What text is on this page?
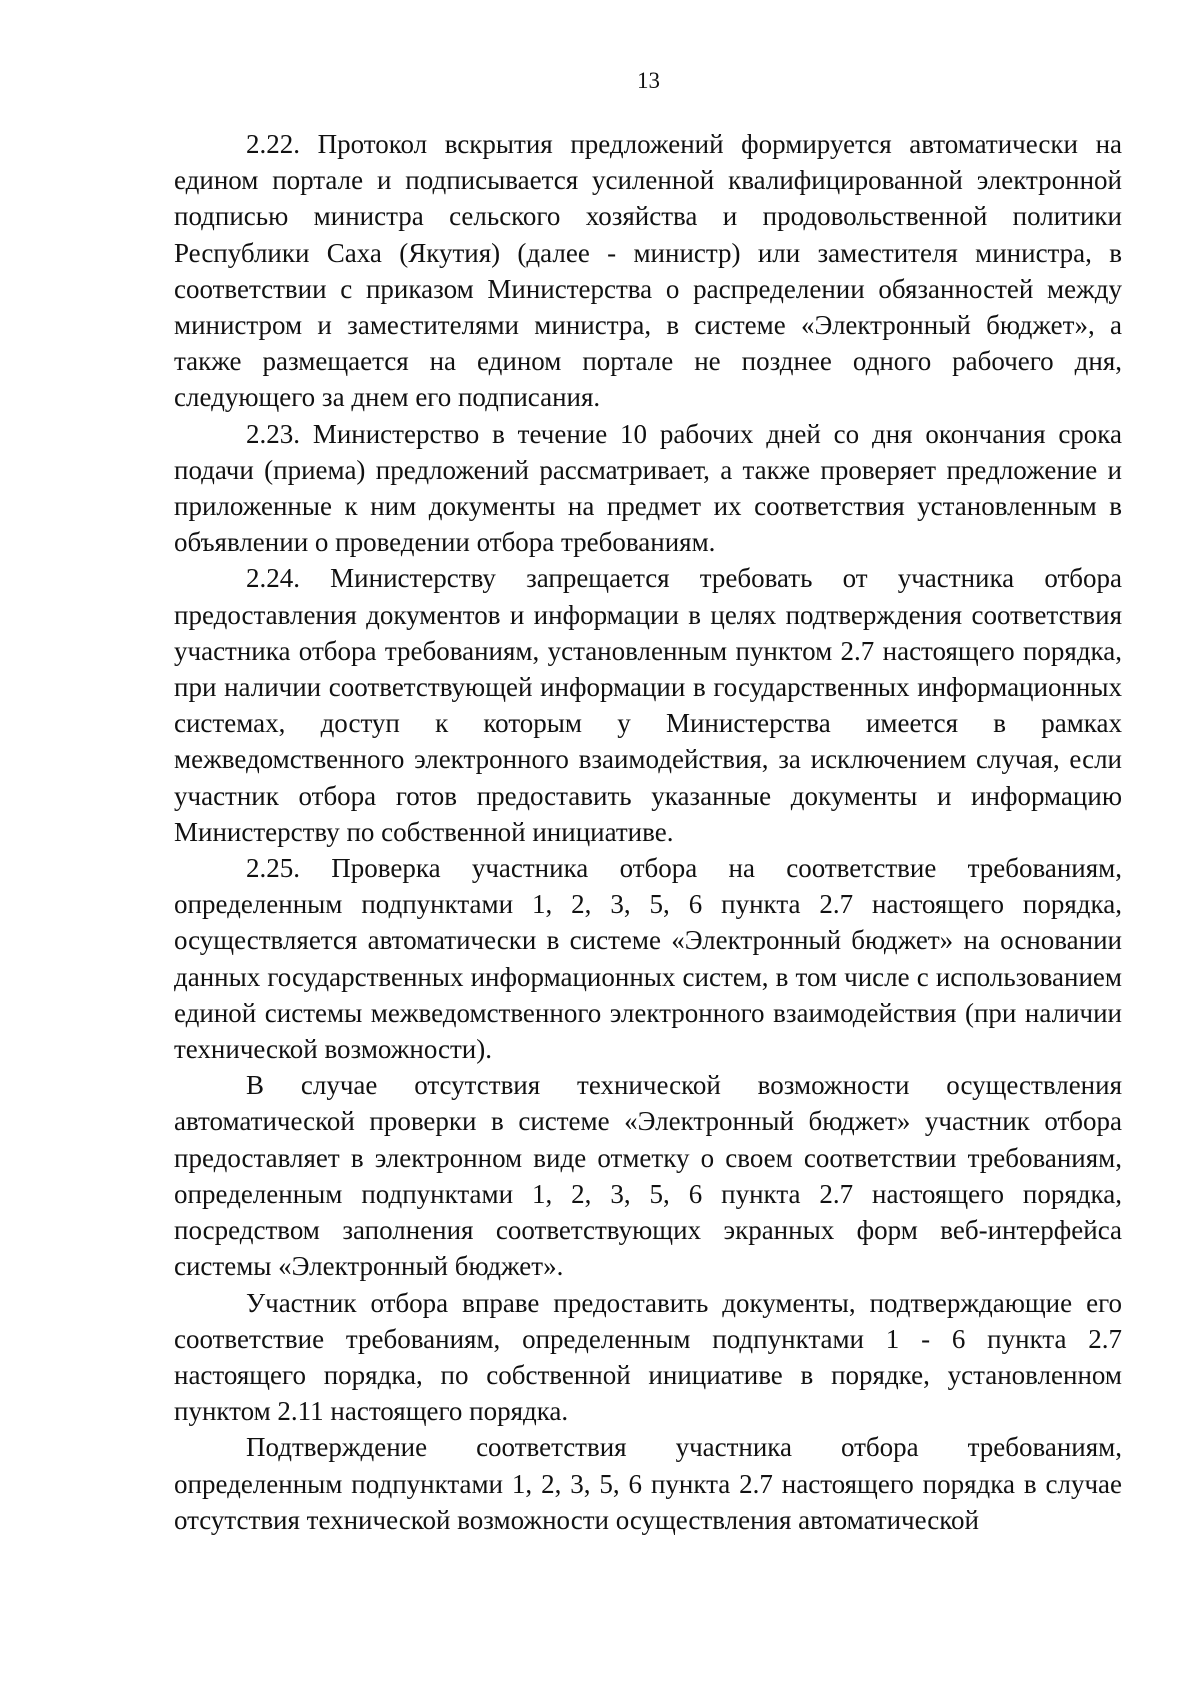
13

2.22. Протокол вскрытия предложений формируется автоматически на едином портале и подписывается усиленной квалифицированной электронной подписью министра сельского хозяйства и продовольственной политики Республики Саха (Якутия) (далее - министр) или заместителя министра, в соответствии с приказом Министерства о распределении обязанностей между министром и заместителями министра, в системе «Электронный бюджет», а также размещается на едином портале не позднее одного рабочего дня, следующего за днем его подписания.

2.23. Министерство в течение 10 рабочих дней со дня окончания срока подачи (приема) предложений рассматривает, а также проверяет предложение и приложенные к ним документы на предмет их соответствия установленным в объявлении о проведении отбора требованиям.

2.24. Министерству запрещается требовать от участника отбора предоставления документов и информации в целях подтверждения соответствия участника отбора требованиям, установленным пунктом 2.7 настоящего порядка, при наличии соответствующей информации в государственных информационных системах, доступ к которым у Министерства имеется в рамках межведомственного электронного взаимодействия, за исключением случая, если участник отбора готов предоставить указанные документы и информацию Министерству по собственной инициативе.

2.25. Проверка участника отбора на соответствие требованиям, определенным подпунктами 1, 2, 3, 5, 6 пункта 2.7 настоящего порядка, осуществляется автоматически в системе «Электронный бюджет» на основании данных государственных информационных систем, в том числе с использованием единой системы межведомственного электронного взаимодействия (при наличии технической возможности).

В случае отсутствия технической возможности осуществления автоматической проверки в системе «Электронный бюджет» участник отбора предоставляет в электронном виде отметку о своем соответствии требованиям, определенным подпунктами 1, 2, 3, 5, 6 пункта 2.7 настоящего порядка, посредством заполнения соответствующих экранных форм веб-интерфейса системы «Электронный бюджет».

Участник отбора вправе предоставить документы, подтверждающие его соответствие требованиям, определенным подпунктами 1 - 6 пункта 2.7 настоящего порядка, по собственной инициативе в порядке, установленном пунктом 2.11 настоящего порядка.

Подтверждение соответствия участника отбора требованиям, определенным подпунктами 1, 2, 3, 5, 6 пункта 2.7 настоящего порядка в случае отсутствия технической возможности осуществления автоматической
